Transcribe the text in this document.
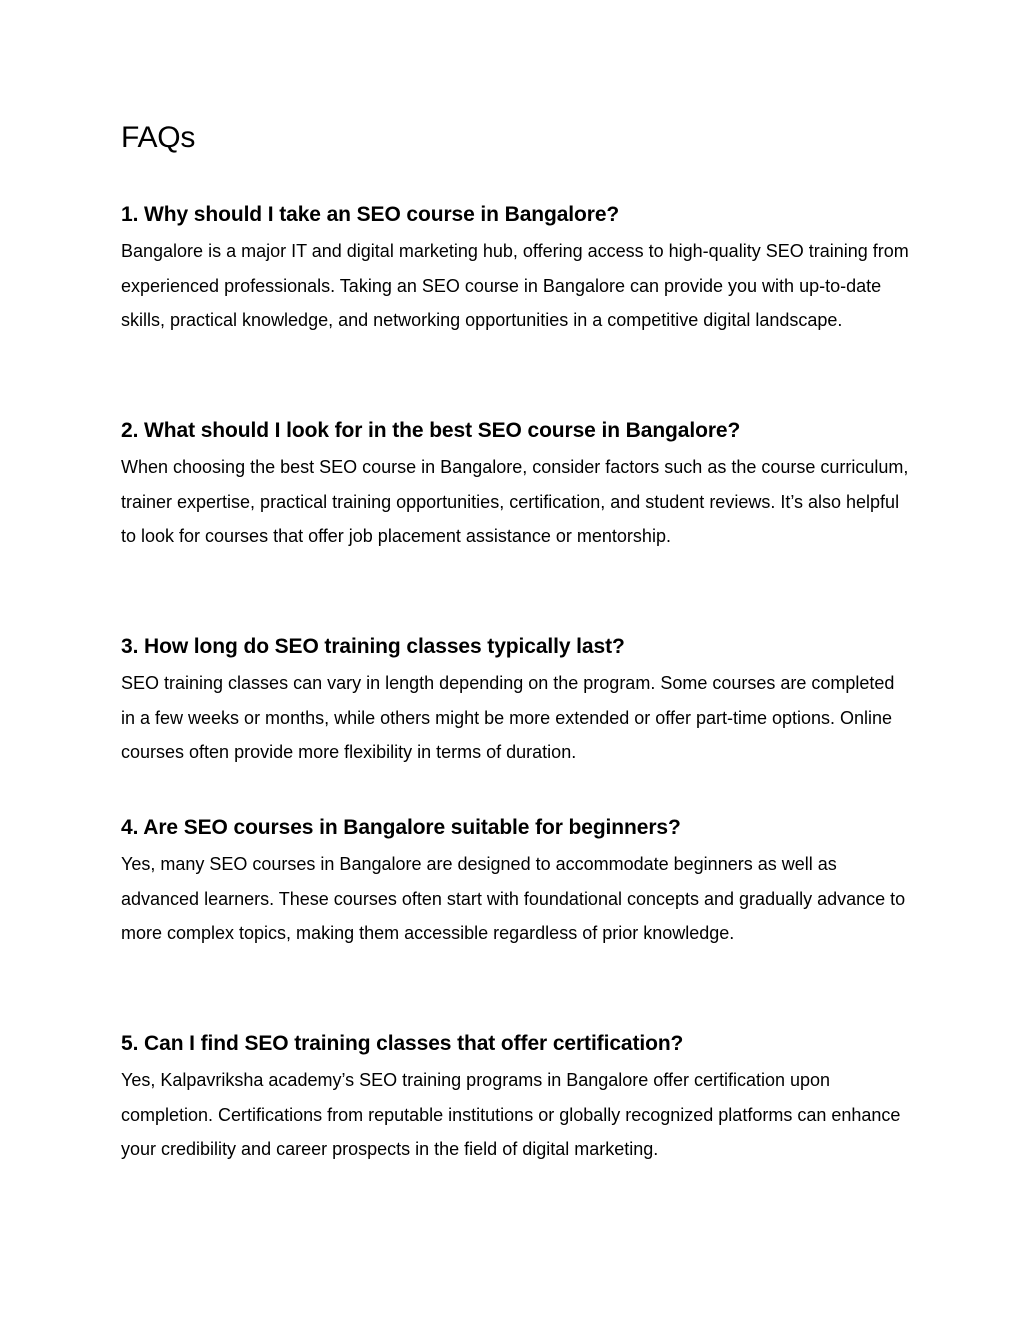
FAQs
1. Why should I take an SEO course in Bangalore?

Bangalore is a major IT and digital marketing hub, offering access to high-quality SEO training from experienced professionals. Taking an SEO course in Bangalore can provide you with up-to-date skills, practical knowledge, and networking opportunities in a competitive digital landscape.

2. What should I look for in the best SEO course in Bangalore?

When choosing the best SEO course in Bangalore, consider factors such as the course curriculum, trainer expertise, practical training opportunities, certification, and student reviews. It’s also helpful to look for courses that offer job placement assistance or mentorship.

3. How long do SEO training classes typically last?

SEO training classes can vary in length depending on the program. Some courses are completed in a few weeks or months, while others might be more extended or offer part-time options. Online courses often provide more flexibility in terms of duration.

4. Are SEO courses in Bangalore suitable for beginners?

Yes, many SEO courses in Bangalore are designed to accommodate beginners as well as advanced learners. These courses often start with foundational concepts and gradually advance to more complex topics, making them accessible regardless of prior knowledge.

5. Can I find SEO training classes that offer certification?

Yes, Kalpavriksha academy’s SEO training programs in Bangalore offer certification upon completion. Certifications from reputable institutions or globally recognized platforms can enhance your credibility and career prospects in the field of digital marketing.
